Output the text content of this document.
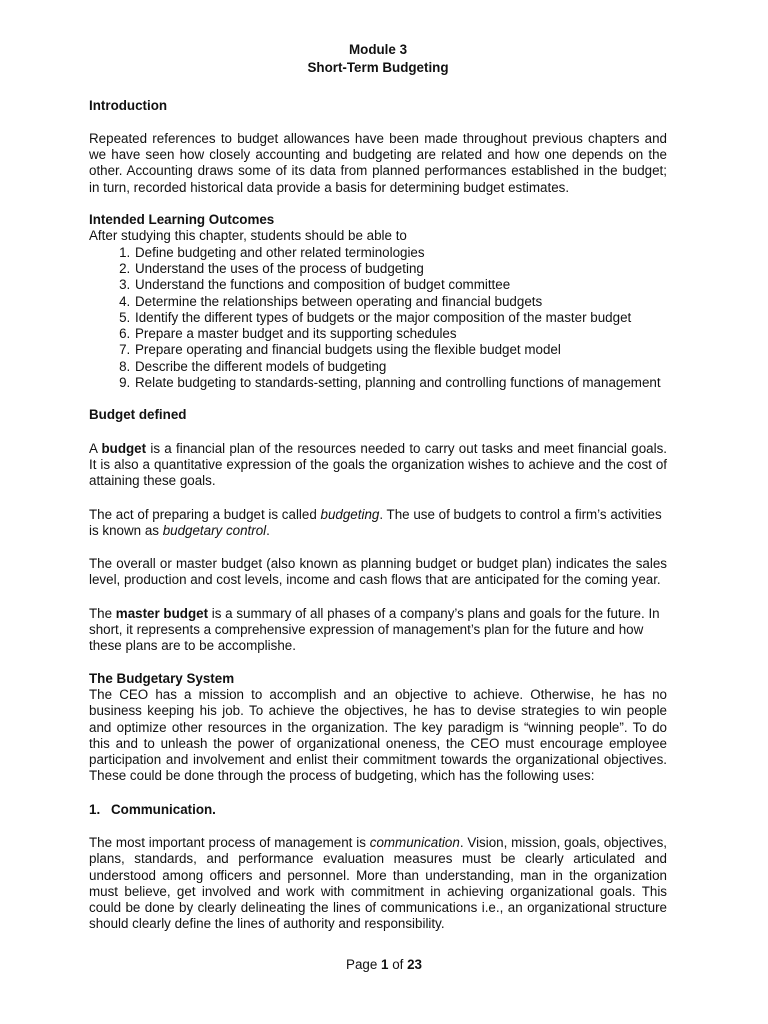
Module 3

Short-Term Budgeting

Introduction

Repeated references to budget allowances have been made throughout previous chapters and we have seen how closely accounting and budgeting are related and how one depends on the other. Accounting draws some of its data from planned performances established in the budget; in turn, recorded historical data provide a basis for determining budget estimates.

Intended Learning Outcomes

After studying this chapter, students should be able to

1. Define budgeting and other related terminologies
2. Understand the uses of the process of budgeting
3. Understand the functions and composition of budget committee
4. Determine the relationships between operating and financial budgets
5. Identify the different types of budgets or the major composition of the master budget
6. Prepare a master budget and its supporting schedules
7. Prepare operating and financial budgets using the flexible budget model
8. Describe the different models of budgeting
9. Relate budgeting to standards-setting, planning and controlling functions of management
Budget defined

A budget is a financial plan of the resources needed to carry out tasks and meet financial goals. It is also a quantitative expression of the goals the organization wishes to achieve and the cost of attaining these goals.

The act of preparing a budget is called budgeting. The use of budgets to control a firm’s activities is known as budgetary control.

The overall or master budget (also known as planning budget or budget plan) indicates the sales level, production and cost levels, income and cash flows that are anticipated for the coming year.

The master budget is a summary of all phases of a company’s plans and goals for the future. In short, it represents a comprehensive expression of management’s plan for the future and how these plans are to be accomplishe.

The Budgetary System

The CEO has a mission to accomplish and an objective to achieve. Otherwise, he has no business keeping his job. To achieve the objectives, he has to devise strategies to win people and optimize other resources in the organization. The key paradigm is “winning people”. To do this and to unleash the power of organizational oneness, the CEO must encourage employee participation and involvement and enlist their commitment towards the organizational objectives. These could be done through the process of budgeting, which has the following uses:

1. Communication.

The most important process of management is communication. Vision, mission, goals, objectives, plans, standards, and performance evaluation measures must be clearly articulated and understood among officers and personnel. More than understanding, man in the organization must believe, get involved and work with commitment in achieving organizational goals. This could be done by clearly delineating the lines of communications i.e., an organizational structure should clearly define the lines of authority and responsibility.

Page 1 of 23
